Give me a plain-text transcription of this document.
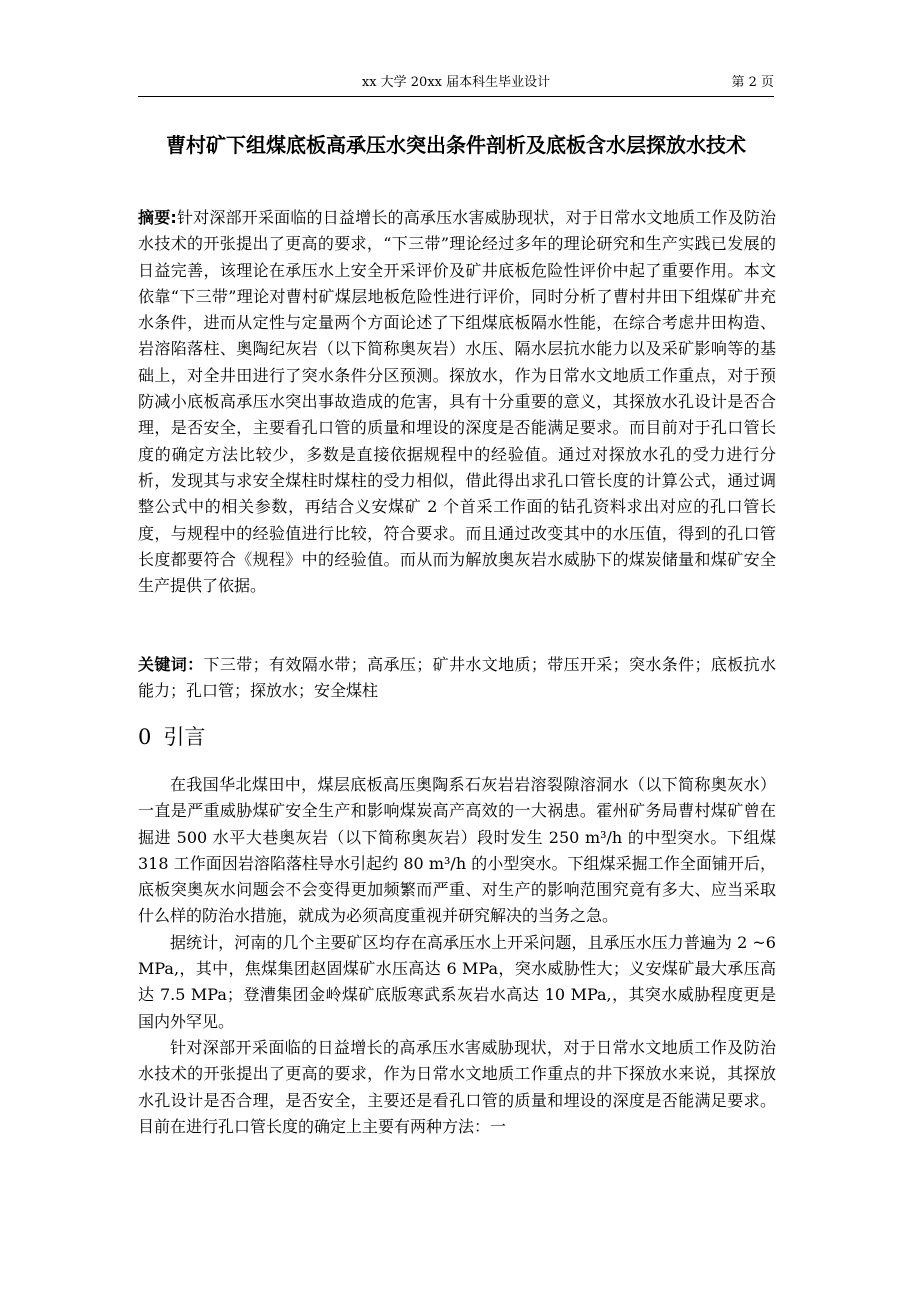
xx 大学 20xx 届本科生毕业设计	第 2 页
曹村矿下组煤底板高承压水突出条件剖析及底板含水层探放水技术
摘要:针对深部开采面临的日益增长的高承压水害威胁现状，对于日常水文地质工作及防治水技术的开张提出了更高的要求，“下三带”理论经过多年的理论研究和生产实践已发展的日益完善，该理论在承压水上安全开采评价及矿井底板危险性评价中起了重要作用。本文依靠“下三带”理论对曹村矿煤层地板危险性进行评价，同时分析了曹村井田下组煤矿井充水条件，进而从定性与定量两个方面论述了下组煤底板隔水性能，在综合考虑井田构造、岩溶陷落柱、奥陶纪灰岩（以下简称奥灰岩）水压、隔水层抗水能力以及采矿影响等的基础上，对全井田进行了突水条件分区预测。探放水，作为日常水文地质工作重点，对于预防减小底板高承压水突出事故造成的危害，具有十分重要的意义，其探放水孔设计是否合理，是否安全，主要看孔口管的质量和埋设的深度是否能满足要求。而目前对于孔口管长度的确定方法比较少，多数是直接依据规程中的经验值。通过对探放水孔的受力进行分析，发现其与求安全煤柱时煤柱的受力相似，借此得出求孔口管长度的计算公式，通过调整公式中的相关参数，再结合义安煤矿 2 个首采工作面的钻孔资料求出对应的孔口管长度，与规程中的经验值进行比较，符合要求。而且通过改变其中的水压值，得到的孔口管长度都要符合《规程》中的经验值。而从而为解放奥灰岩水威胁下的煤炭储量和煤矿安全生产提供了依据。
关键词：下三带；有效隔水带；高承压；矿井水文地质；带压开采；突水条件；底板抗水能力；孔口管；探放水；安全煤柱
0 引言

在我国华北煤田中，煤层底板高压奥陶系石灰岩岩溶裂隙溶洞水（以下简称奥灰水）一直是严重威胁煤矿安全生产和影响煤炭高产高效的一大祸患。霍州矿务局曹村煤矿曾在掘进 500 水平大巷奥灰岩（以下简称奥灰岩）段时发生 250 m³/h 的中型突水。下组煤 318 工作面因岩溶陷落柱导水引起约 80 m³/h 的小型突水。下组煤采掘工作全面铺开后，底板突奥灰水问题会不会变得更加频繁而严重、对生产的影响范围究竟有多大、应当采取什么样的防治水措施，就成为必须高度重视并研究解决的当务之急。

据统计，河南的几个主要矿区均存在高承压水上开采问题，且承压水压力普遍为 2 ~6 MPa,，其中，焦煤集团赵固煤矿水压高达 6 MPa，突水威胁性大；义安煤矿最大承压高达 7.5 MPa；登漕集团金岭煤矿底版寒武系灰岩水高达 10 MPa,，其突水威胁程度更是国内外罕见。

针对深部开采面临的日益增长的高承压水害威胁现状，对于日常水文地质工作及防治水技术的开张提出了更高的要求，作为日常水文地质工作重点的井下探放水来说，其探放水孔设计是否合理，是否安全，主要还是看孔口管的质量和埋设的深度是否能满足要求。目前在进行孔口管长度的确定上主要有两种方法：一
